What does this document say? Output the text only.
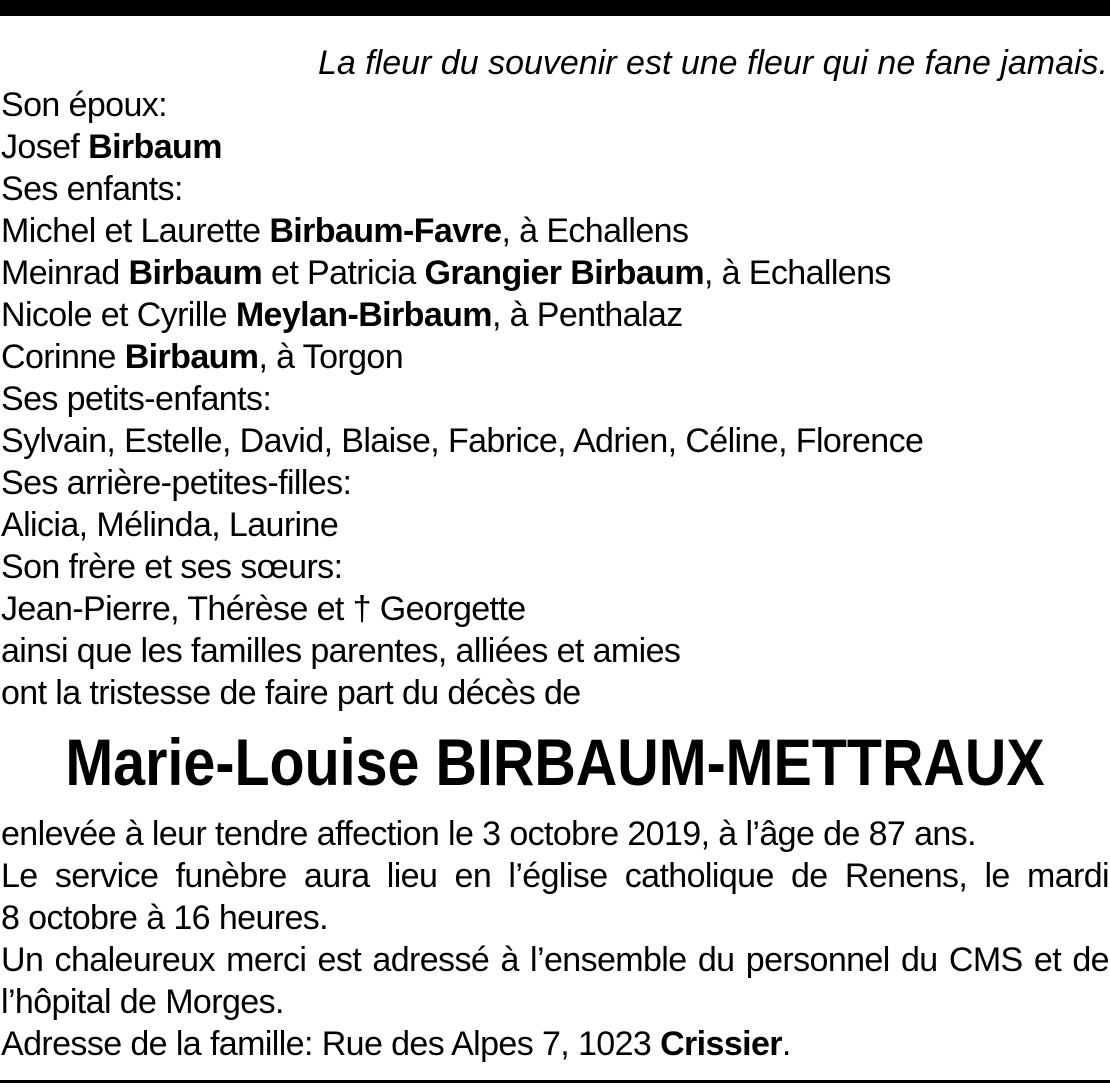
La fleur du souvenir est une fleur qui ne fane jamais.
Son époux:
Josef Birbaum
Ses enfants:
Michel et Laurette Birbaum-Favre, à Echallens
Meinrad Birbaum et Patricia Grangier Birbaum, à Echallens
Nicole et Cyrille Meylan-Birbaum, à Penthalaz
Corinne Birbaum, à Torgon
Ses petits-enfants:
Sylvain, Estelle, David, Blaise, Fabrice, Adrien, Céline, Florence
Ses arrière-petites-filles:
Alicia, Mélinda, Laurine
Son frère et ses sœurs:
Jean-Pierre, Thérèse et † Georgette
ainsi que les familles parentes, alliées et amies
ont la tristesse de faire part du décès de
Marie-Louise BIRBAUM-METTRAUX
enlevée à leur tendre affection le 3 octobre 2019, à l’âge de 87 ans.
Le service funèbre aura lieu en l’église catholique de Renens, le mardi
8 octobre à 16 heures.
Un chaleureux merci est adressé à l’ensemble du personnel du CMS et de
l’hôpital de Morges.
Adresse de la famille: Rue des Alpes 7, 1023 Crissier.
